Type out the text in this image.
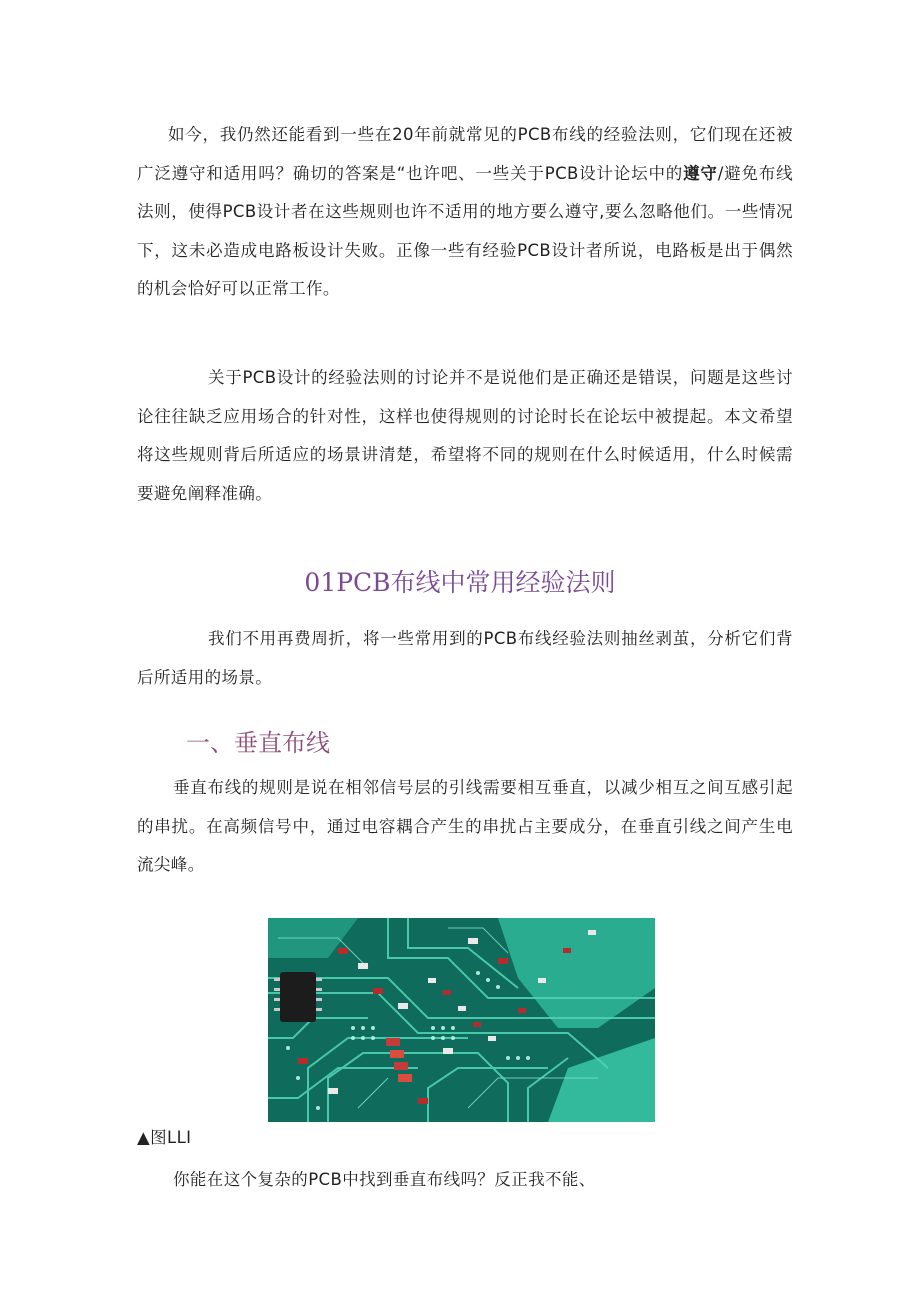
如今，我仍然还能看到一些在20年前就常见的PCB布线的经验法则，它们现在还被广泛遵守和适用吗？确切的答案是“也许吧、一些关于PCB设计论坛中的遵守/避免布线法则，使得PCB设计者在这些规则也许不适用的地方要么遵守,要么忽略他们。一些情况下，这未必造成电路板设计失败。正像一些有经验PCB设计者所说，电路板是出于偶然的机会恰好可以正常工作。

关于PCB设计的经验法则的讨论并不是说他们是正确还是错误，问题是这些讨论往往缺乏应用场合的针对性，这样也使得规则的讨论时长在论坛中被提起。本文希望将这些规则背后所适应的场景讲清楚，希望将不同的规则在什么时候适用，什么时候需要避免阐释准确。

01PCB布线中常用经验法则

我们不用再费周折，将一些常用到的PCB布线经验法则抽丝剥茧，分析它们背后所适用的场景。

一、垂直布线

垂直布线的规则是说在相邻信号层的引线需要相互垂直，以减少相互之间互感引起的串扰。在高频信号中，通过电容耦合产生的串扰占主要成分，在垂直引线之间产生电流尖峰。

▲图LLI

你能在这个复杂的PCB中找到垂直布线吗？反正我不能、
